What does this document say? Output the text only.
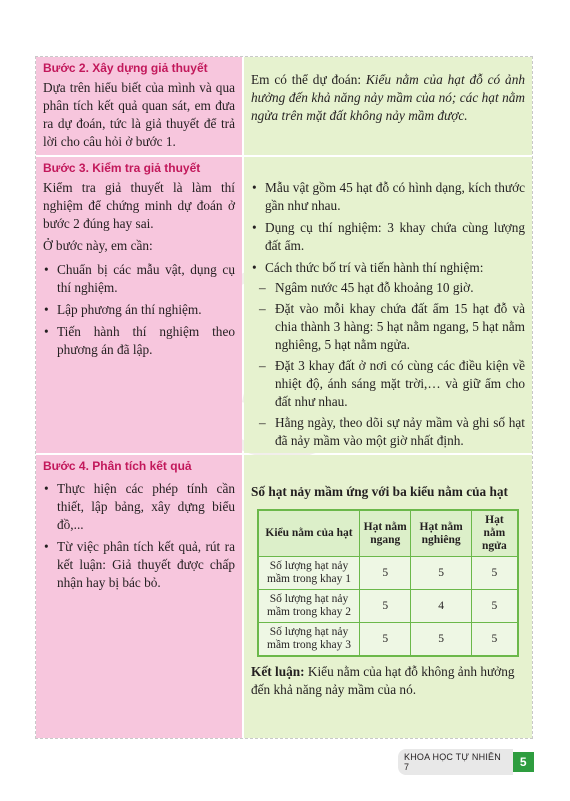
Bước 2. Xây dựng giả thuyết

Dựa trên hiểu biết của mình và qua phân tích kết quả quan sát, em đưa ra dự đoán, tức là giả thuyết để trả lời cho câu hỏi ở bước 1.

Em có thể dự đoán: Kiểu nằm của hạt đỗ có ảnh hưởng đến khả năng nảy mầm của nó; các hạt nằm ngửa trên mặt đất không nảy mầm được.

Bước 3. Kiểm tra giả thuyết

Kiểm tra giả thuyết là làm thí nghiệm để chứng minh dự đoán ở bước 2 đúng hay sai.

Ở bước này, em cần:

• Chuẩn bị các mẫu vật, dụng cụ thí nghiệm.
• Lập phương án thí nghiệm.
• Tiến hành thí nghiệm theo phương án đã lập.
• Mẫu vật gồm 45 hạt đỗ có hình dạng, kích thước gần như nhau.
• Dụng cụ thí nghiệm: 3 khay chứa cùng lượng đất ẩm.
• Cách thức bố trí và tiến hành thí nghiệm:
– Ngâm nước 45 hạt đỗ khoảng 10 giờ.
– Đặt vào mỗi khay chứa đất ẩm 15 hạt đỗ và chia thành 3 hàng: 5 hạt nằm ngang, 5 hạt nằm nghiêng, 5 hạt nằm ngửa.
– Đặt 3 khay đất ở nơi có cùng các điều kiện về nhiệt độ, ánh sáng mặt trời,… và giữ ẩm cho đất như nhau.
– Hằng ngày, theo dõi sự nảy mầm và ghi số hạt đã nảy mầm vào một giờ nhất định.

Bước 4. Phân tích kết quả

• Thực hiện các phép tính cần thiết, lập bảng, xây dựng biểu đồ,...
• Từ việc phân tích kết quả, rút ra kết luận: Giả thuyết được chấp nhận hay bị bác bỏ.

Số hạt nảy mầm ứng với ba kiểu nằm của hạt

Kiểu nằm của hạt	Hạt nằm ngang	Hạt nằm nghiêng	Hạt nằm ngửa
Số lượng hạt nảy mầm trong khay 1	5	5	5
Số lượng hạt nảy mầm trong khay 2	5	4	5
Số lượng hạt nảy mầm trong khay 3	5	5	5

Kết luận: Kiểu nằm của hạt đỗ không ảnh hưởng đến khả năng nảy mầm của nó.

KHOA HỌC TỰ NHIÊN 7	5
